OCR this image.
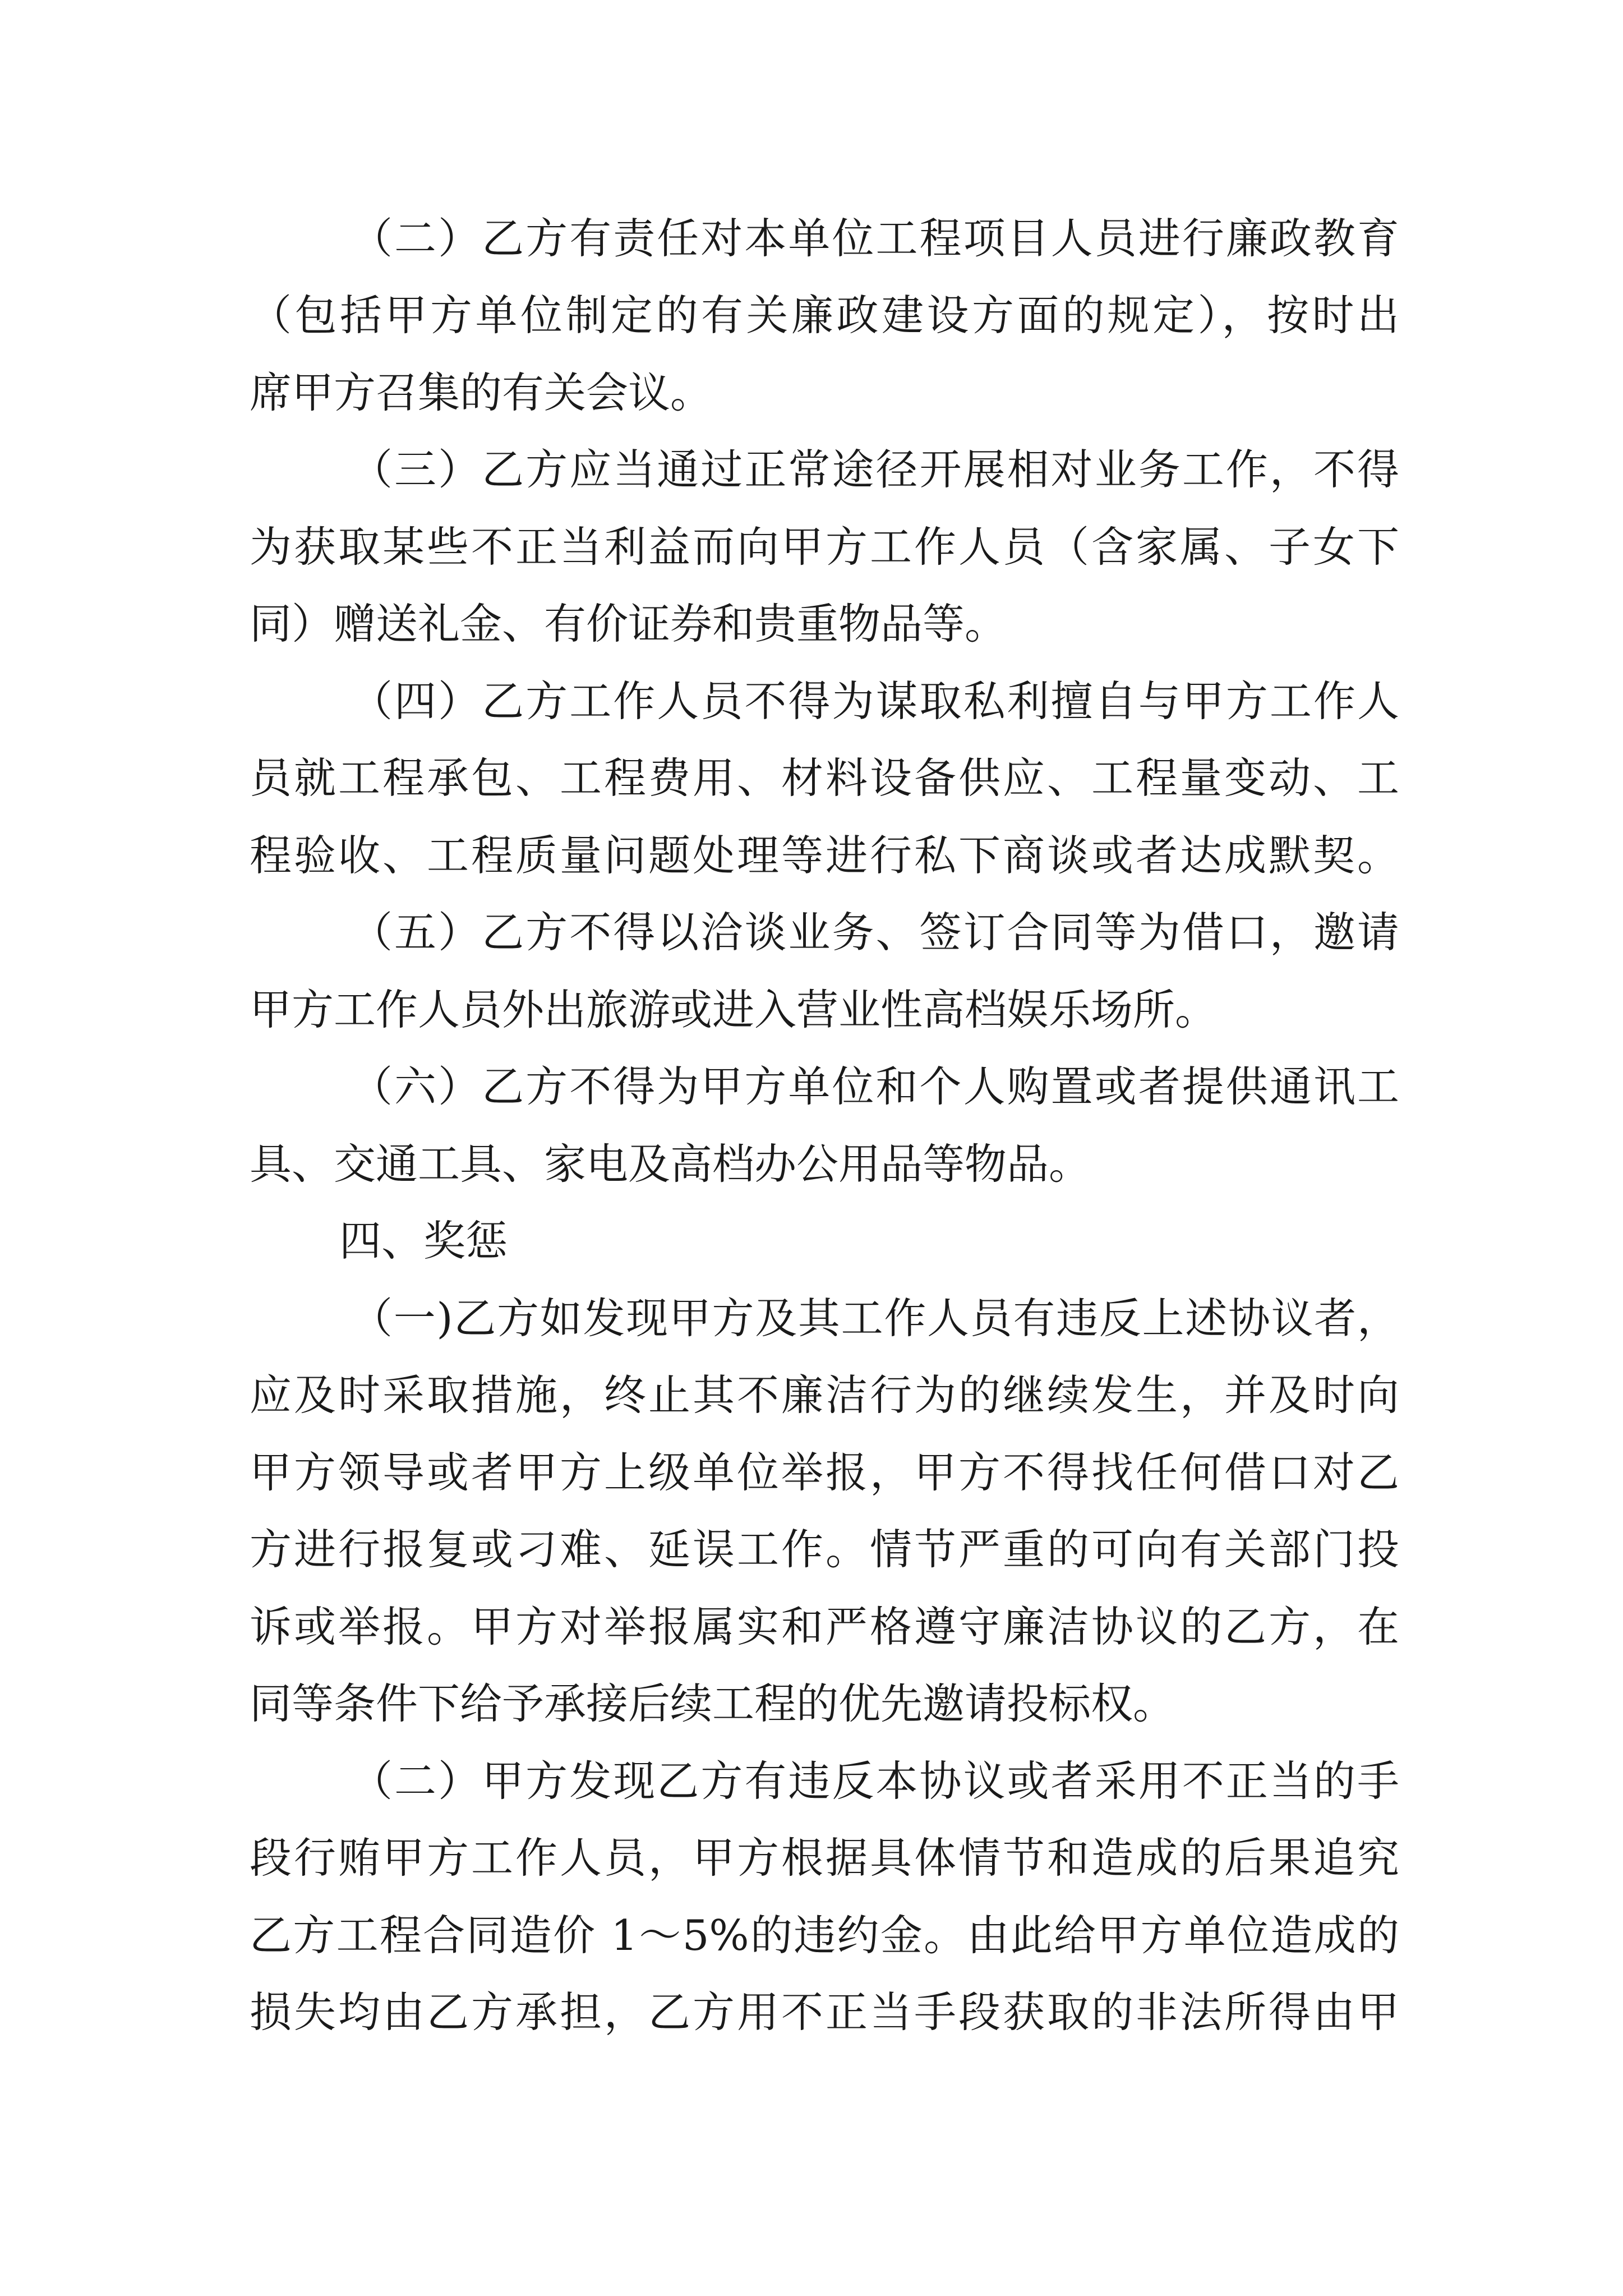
（二）乙方有责任对本单位工程项目人员进行廉政教育
（包括甲方单位制定的有关廉政建设方面的规定），按时出
席甲方召集的有关会议。
（三）乙方应当通过正常途径开展相对业务工作，不得
为获取某些不正当利益而向甲方工作人员（含家属、子女下
同）赠送礼金、有价证券和贵重物品等。
（四）乙方工作人员不得为谋取私利擅自与甲方工作人
员就工程承包、工程费用、材料设备供应、工程量变动、工
程验收、工程质量问题处理等进行私下商谈或者达成默契。
（五）乙方不得以洽谈业务、签订合同等为借口，邀请
甲方工作人员外出旅游或进入营业性高档娱乐场所。
（六）乙方不得为甲方单位和个人购置或者提供通讯工
具、交通工具、家电及高档办公用品等物品。
四、奖惩
（一)乙方如发现甲方及其工作人员有违反上述协议者，
应及时采取措施，终止其不廉洁行为的继续发生，并及时向
甲方领导或者甲方上级单位举报，甲方不得找任何借口对乙
方进行报复或刁难、延误工作。情节严重的可向有关部门投
诉或举报。甲方对举报属实和严格遵守廉洁协议的乙方，在
同等条件下给予承接后续工程的优先邀请投标权。
（二）甲方发现乙方有违反本协议或者采用不正当的手
段行贿甲方工作人员，甲方根据具体情节和造成的后果追究
乙方工程合同造价 1～5%的违约金。由此给甲方单位造成的
损失均由乙方承担，乙方用不正当手段获取的非法所得由甲
